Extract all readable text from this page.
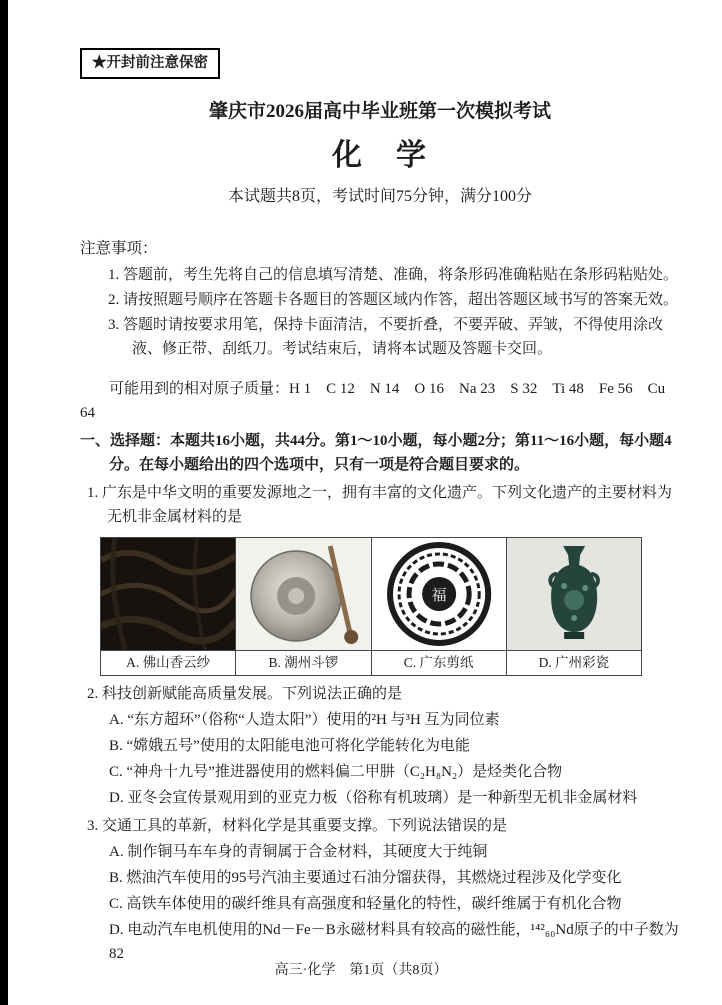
★开封前注意保密
肇庆市2026届高中毕业班第一次模拟考试
化　学
本试题共8页，考试时间75分钟，满分100分
注意事项：
1. 答题前，考生先将自己的信息填写清楚、准确，将条形码准确粘贴在条形码粘贴处。
2. 请按照题号顺序在答题卡各题目的答题区域内作答，超出答题区域书写的答案无效。
3. 答题时请按要求用笔，保持卡面清洁，不要折叠，不要弄破、弄皱，不得使用涂改液、修正带、刮纸刀。考试结束后，请将本试题及答题卡交回。
可能用到的相对原子质量：H 1　C 12　N 14　O 16　Na 23　S 32　Ti 48　Fe 56　Cu 64
一、选择题：本题共16小题，共44分。第1～10小题，每小题2分；第11～16小题，每小题4分。在每小题给出的四个选项中，只有一项是符合题目要求的。
1. 广东是中华文明的重要发源地之一，拥有丰富的文化遗产。下列文化遗产的主要材料为无机非金属材料的是

福

A. 佛山香云纱	B. 潮州斗锣	C. 广东剪纸	D. 广州彩瓷
2. 科技创新赋能高质量发展。下列说法正确的是
A. “东方超环”（俗称“人造太阳”）使用的²H 与³H 互为同位素
B. “嫦娥五号”使用的太阳能电池可将化学能转化为电能
C. “神舟十九号”推进器使用的燃料偏二甲肼（C₂H₈N₂）是烃类化合物
D. 亚冬会宣传景观用到的亚克力板（俗称有机玻璃）是一种新型无机非金属材料
3. 交通工具的革新，材料化学是其重要支撑。下列说法错误的是
A. 制作铜马车车身的青铜属于合金材料，其硬度大于纯铜
B. 燃油汽车使用的95号汽油主要通过石油分馏获得，其燃烧过程涉及化学变化
C. 高铁车体使用的碳纤维具有高强度和轻量化的特性，碳纤维属于有机化合物
D. 电动汽车电机使用的Nd－Fe－B永磁材料具有较高的磁性能，¹⁴²₆₀Nd原子的中子数为82
高三·化学　第1页（共8页）
